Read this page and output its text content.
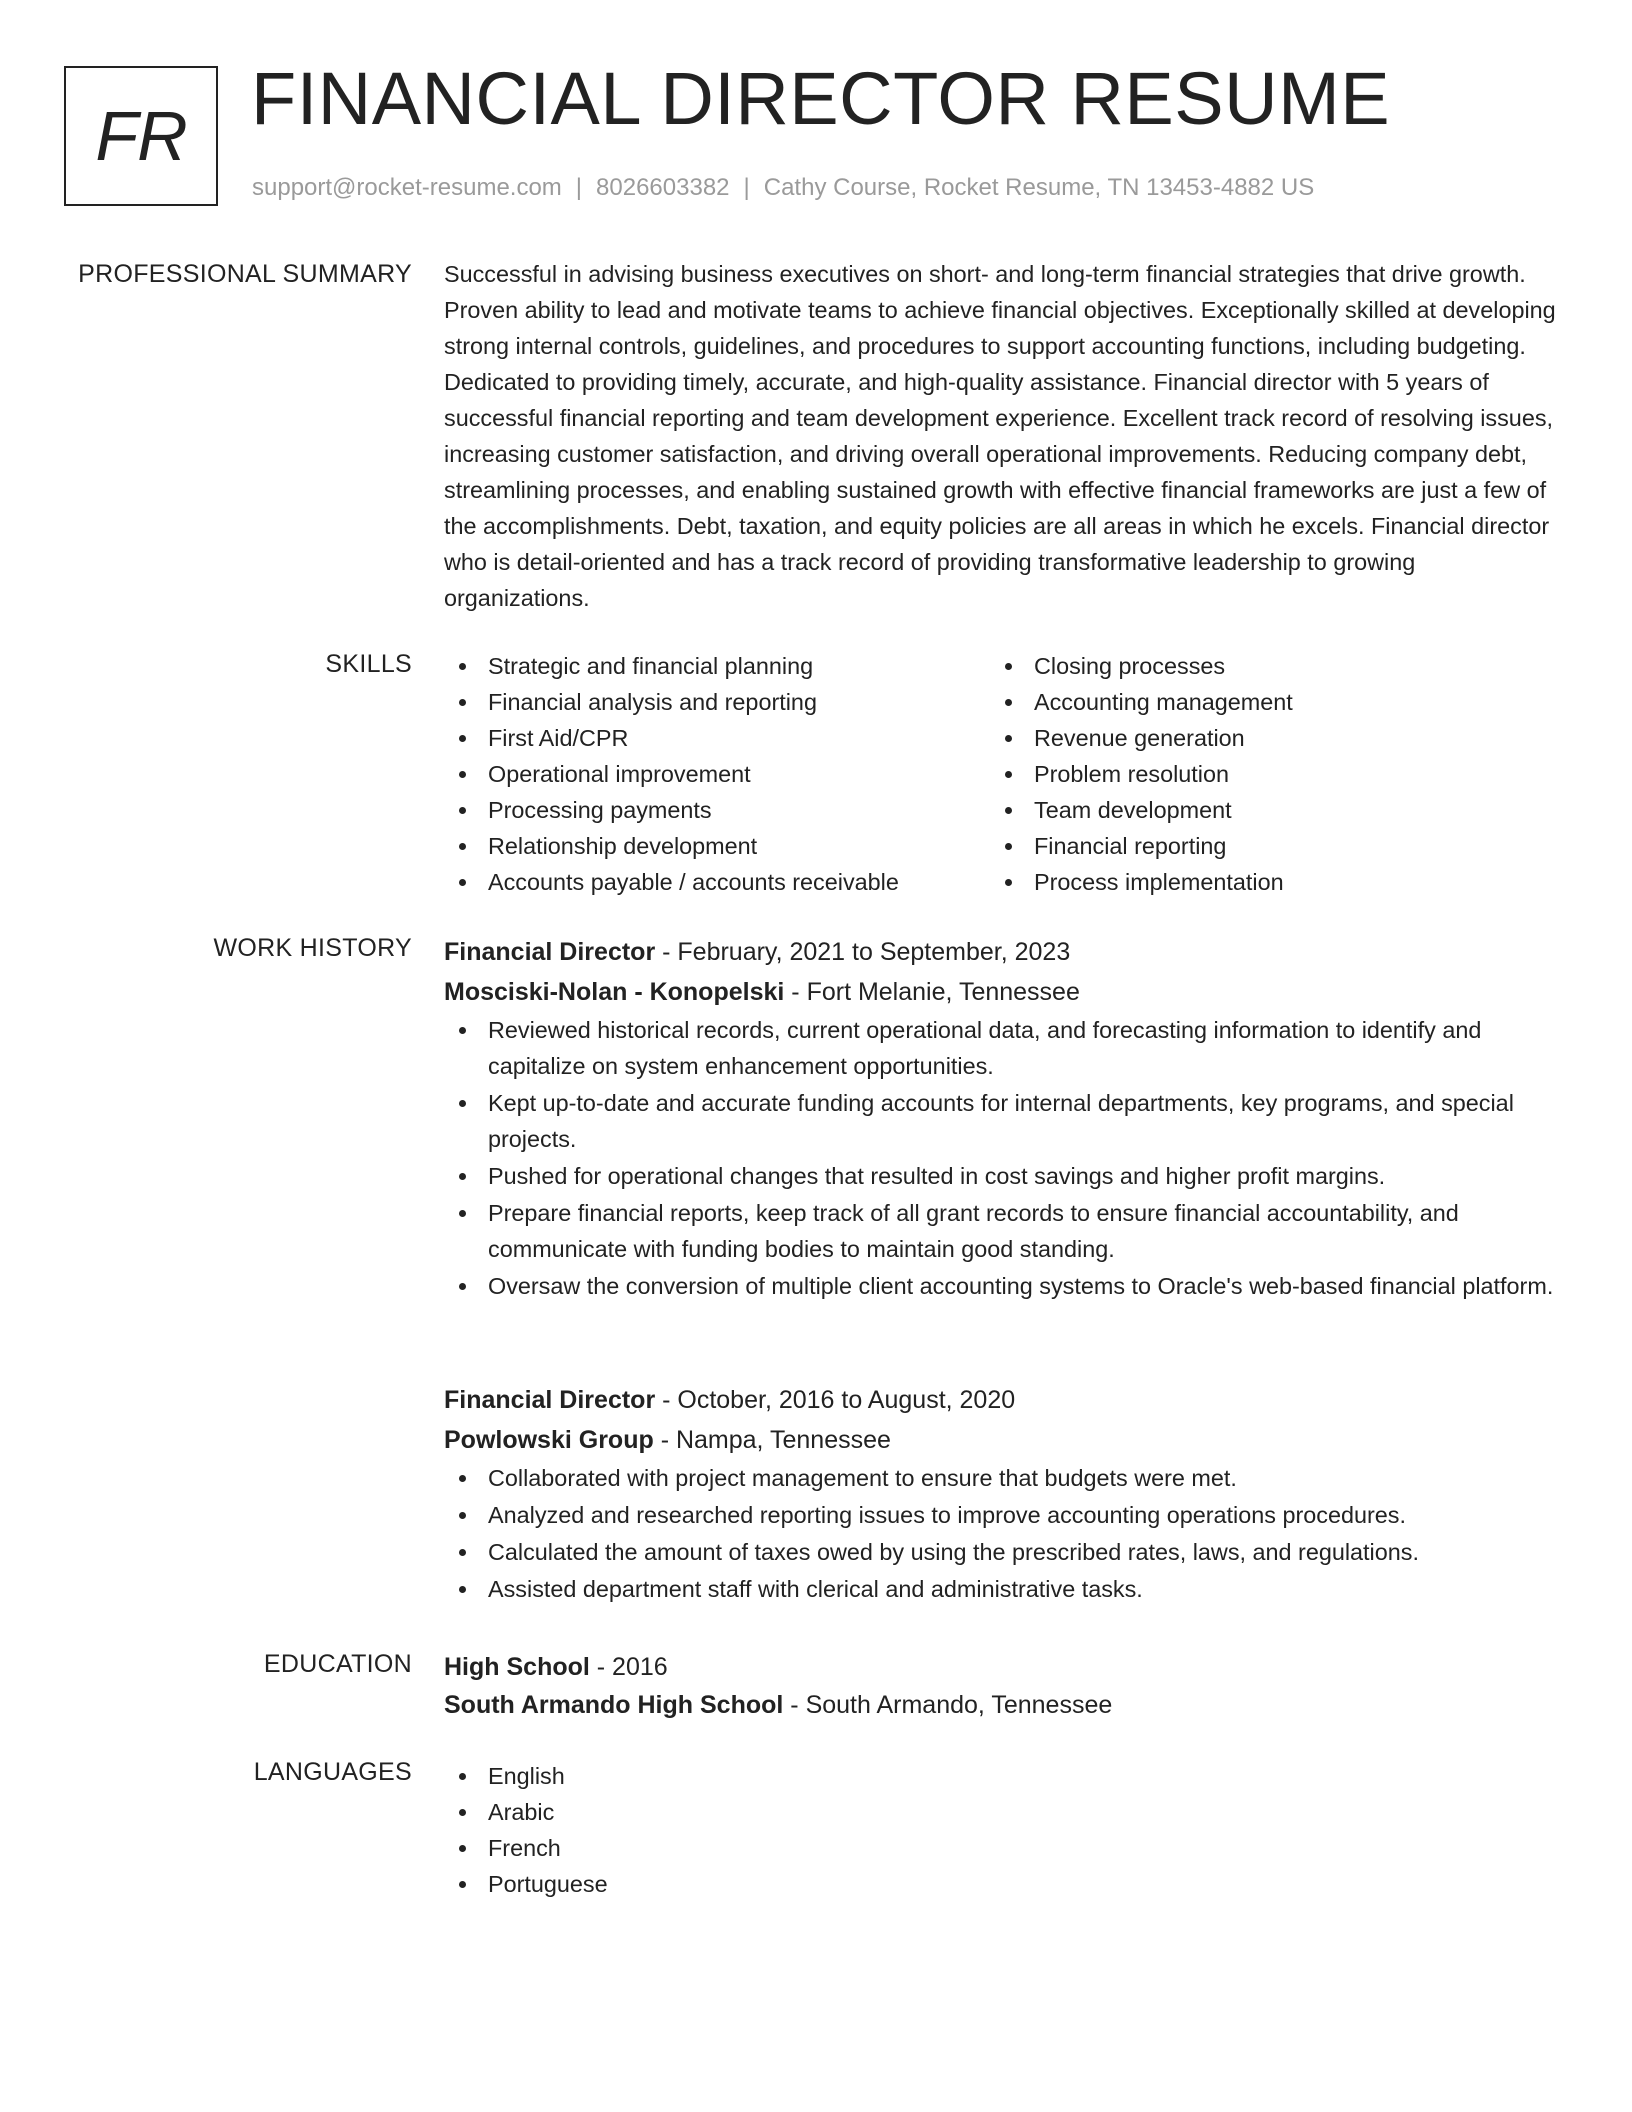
FR FINANCIAL DIRECTOR RESUME
support@rocket-resume.com | 8026603382 | Cathy Course, Rocket Resume, TN 13453-4882 US
PROFESSIONAL SUMMARY Successful in advising business executives on short- and long-term financial strategies that drive growth. Proven ability to lead and motivate teams to achieve financial objectives. Exceptionally skilled at developing strong internal controls, guidelines, and procedures to support accounting functions, including budgeting. Dedicated to providing timely, accurate, and high-quality assistance. Financial director with 5 years of successful financial reporting and team development experience. Excellent track record of resolving issues, increasing customer satisfaction, and driving overall operational improvements. Reducing company debt, streamlining processes, and enabling sustained growth with effective financial frameworks are just a few of the accomplishments. Debt, taxation, and equity policies are all areas in which he excels. Financial director who is detail-oriented and has a track record of providing transformative leadership to growing organizations.

SKILLS	Strategic and financial planning
Financial analysis and reporting
First Aid/CPR
Operational improvement
Processing payments
Relationship development
Accounts payable / accounts receivable
Closing processes
Accounting management
Revenue generation
Problem resolution
Team development
Financial reporting
Process implementation
WORK HISTORY Financial Director - February, 2021 to September, 2023
Mosciski-Nolan - Konopelski - Fort Melanie, Tennessee
Reviewed historical records, current operational data, and forecasting information to identify and capitalize on system enhancement opportunities.
Kept up-to-date and accurate funding accounts for internal departments, key programs, and special projects.
Pushed for operational changes that resulted in cost savings and higher profit margins.
Prepare financial reports, keep track of all grant records to ensure financial accountability, and communicate with funding bodies to maintain good standing.
Oversaw the conversion of multiple client accounting systems to Oracle's web-based financial platform.
Financial Director - October, 2016 to August, 2020
Powlowski Group - Nampa, Tennessee
Collaborated with project management to ensure that budgets were met.
Analyzed and researched reporting issues to improve accounting operations procedures.
Calculated the amount of taxes owed by using the prescribed rates, laws, and regulations.
Assisted department staff with clerical and administrative tasks.
EDUCATION High School - 2016
South Armando High School - South Armando, Tennessee
LANGUAGES	English
Arabic
French
Portuguese
